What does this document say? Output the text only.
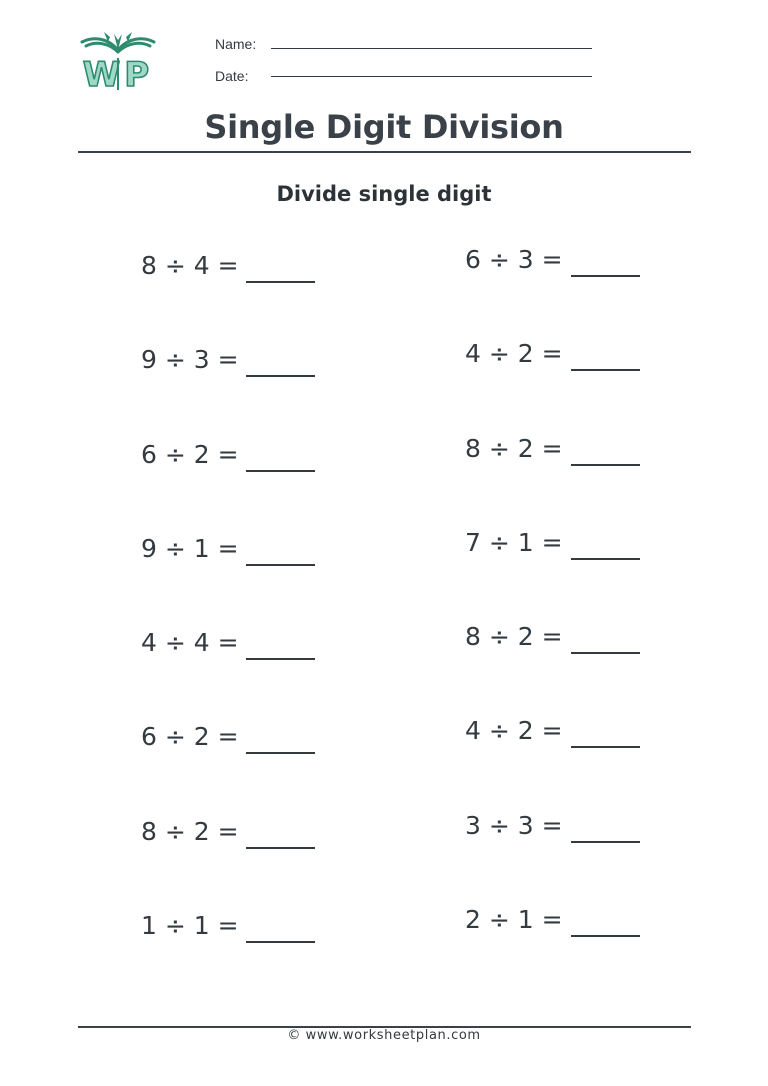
WP
Name:
Date:
Single Digit Division
Divide single digit
8 ÷ 4 =
9 ÷ 3 =
6 ÷ 2 =
9 ÷ 1 =
4 ÷ 4 =
6 ÷ 2 =
8 ÷ 2 =
1 ÷ 1 =
6 ÷ 3 =
4 ÷ 2 =
8 ÷ 2 =
7 ÷ 1 =
8 ÷ 2 =
4 ÷ 2 =
3 ÷ 3 =
2 ÷ 1 =
© www.worksheetplan.com
